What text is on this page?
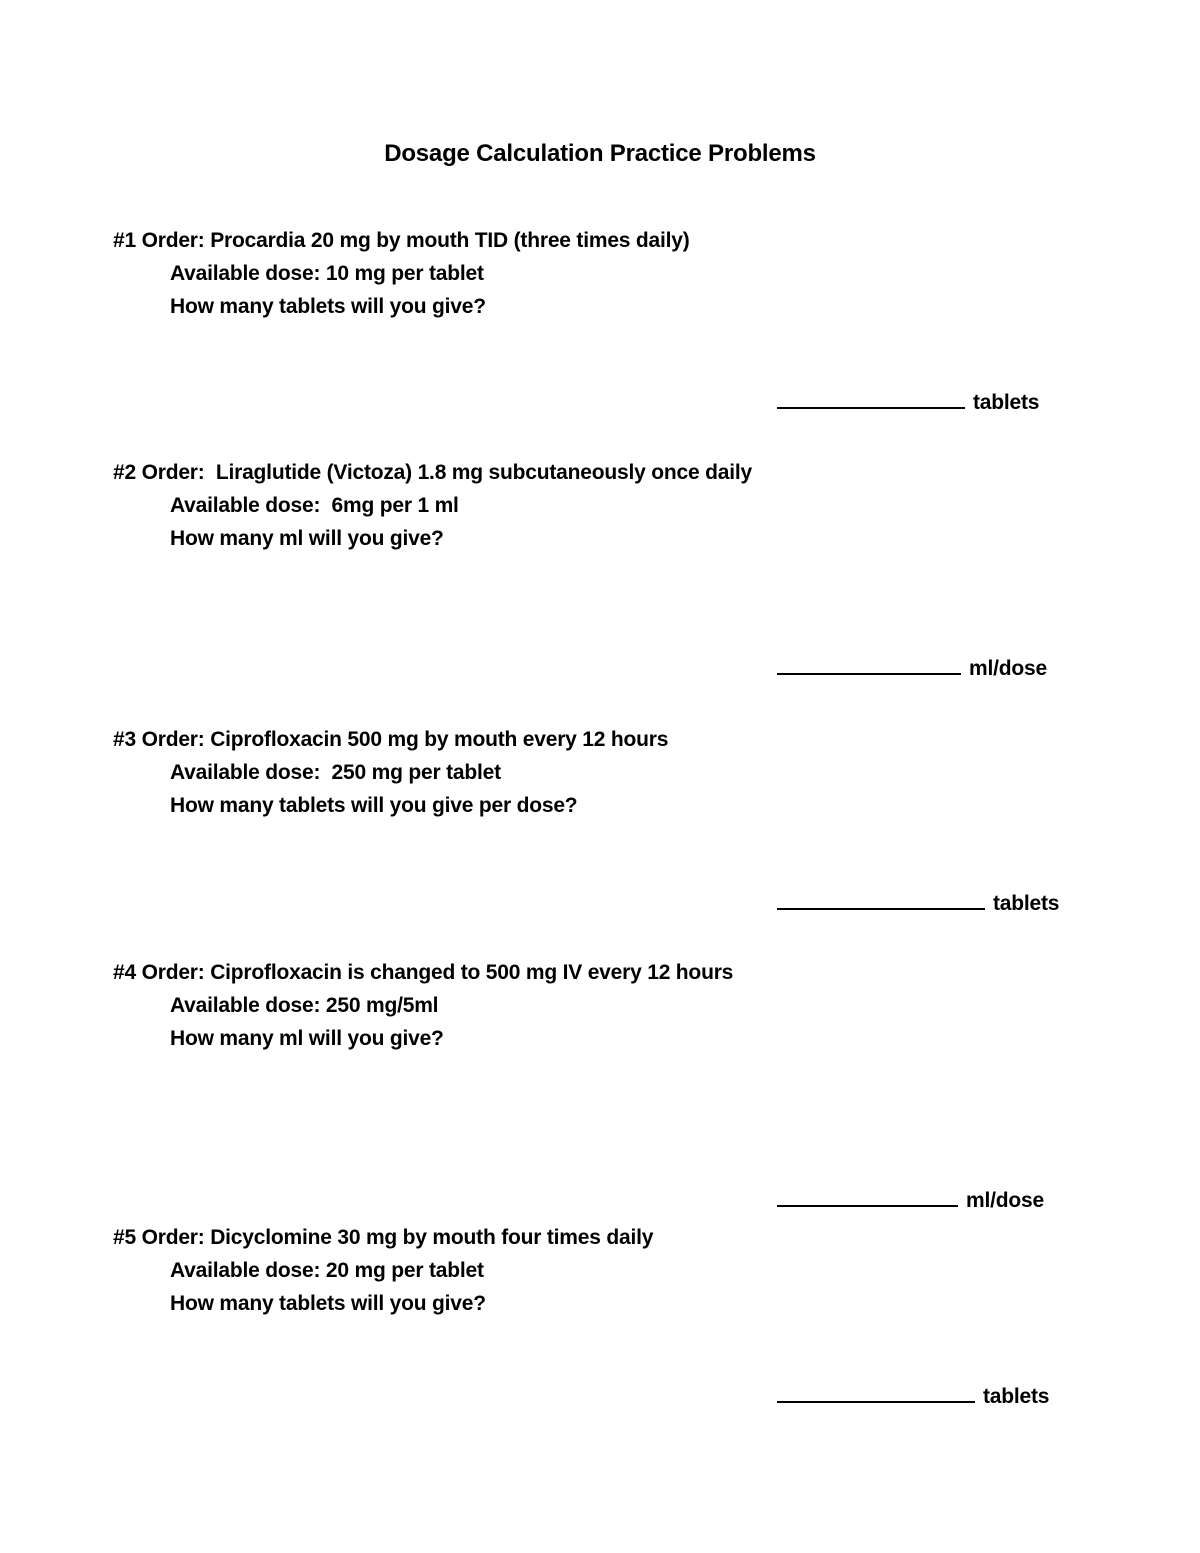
Dosage Calculation Practice Problems

#1 Order: Procardia 20 mg by mouth TID (three times daily)

Available dose: 10 mg per tablet

How many tablets will you give?

tablets

#2 Order:  Liraglutide (Victoza) 1.8 mg subcutaneously once daily

Available dose:  6mg per 1 ml

How many ml will you give?

ml/dose

#3 Order: Ciprofloxacin 500 mg by mouth every 12 hours

Available dose:  250 mg per tablet

How many tablets will you give per dose?

tablets

#4 Order: Ciprofloxacin is changed to 500 mg IV every 12 hours

Available dose: 250 mg/5ml

How many ml will you give?

ml/dose

#5 Order: Dicyclomine 30 mg by mouth four times daily

Available dose: 20 mg per tablet

How many tablets will you give?

tablets
